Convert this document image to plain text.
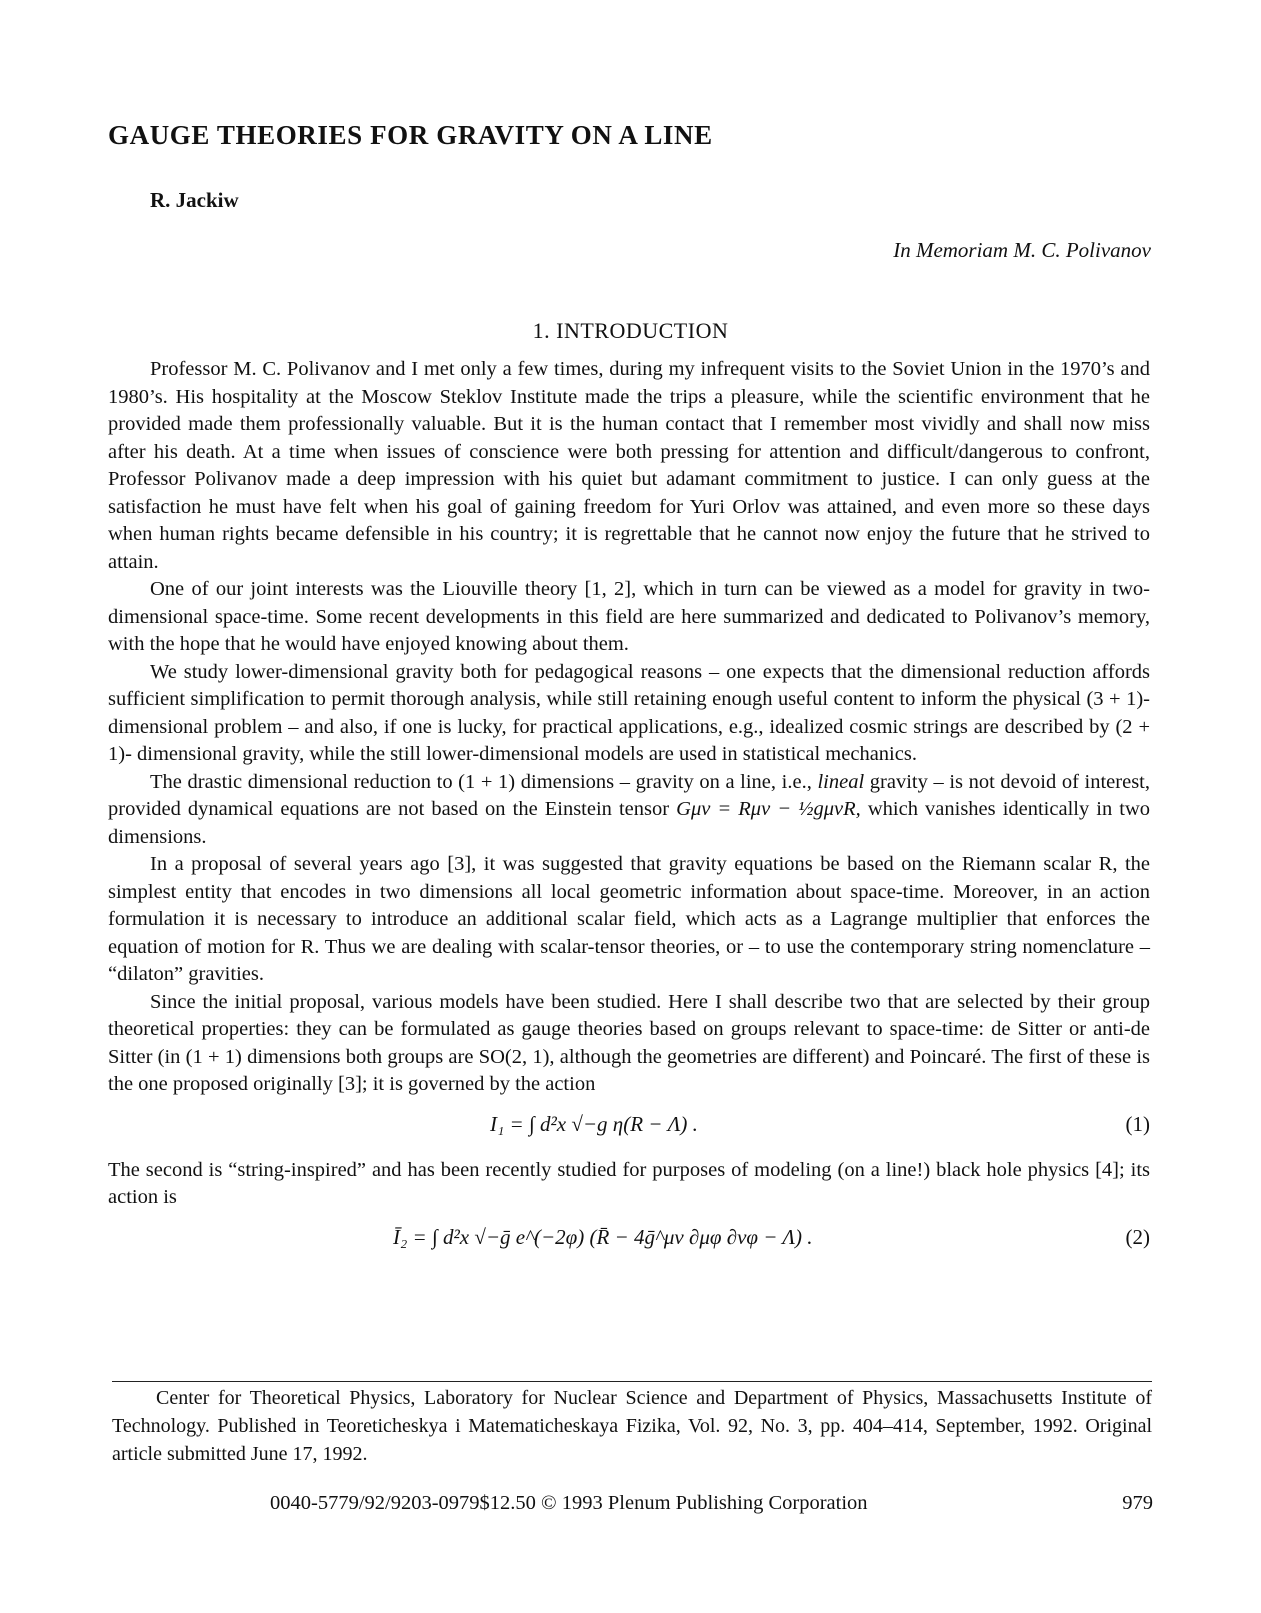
GAUGE THEORIES FOR GRAVITY ON A LINE
R. Jackiw
In Memoriam M. C. Polivanov
1. INTRODUCTION

Professor M. C. Polivanov and I met only a few times, during my infrequent visits to the Soviet Union in the 1970’s and 1980’s. His hospitality at the Moscow Steklov Institute made the trips a pleasure, while the scientific environment that he provided made them professionally valuable. But it is the human contact that I remember most vividly and shall now miss after his death. At a time when issues of conscience were both pressing for attention and difficult/dangerous to confront, Professor Polivanov made a deep impression with his quiet but adamant commitment to justice. I can only guess at the satisfaction he must have felt when his goal of gaining freedom for Yuri Orlov was attained, and even more so these days when human rights became defensible in his country; it is regrettable that he cannot now enjoy the future that he strived to attain.

One of our joint interests was the Liouville theory [1, 2], which in turn can be viewed as a model for gravity in two-dimensional space-time. Some recent developments in this field are here summarized and dedicated to Polivanov’s memory, with the hope that he would have enjoyed knowing about them.

We study lower-dimensional gravity both for pedagogical reasons – one expects that the dimensional reduction affords sufficient simplification to permit thorough analysis, while still retaining enough useful content to inform the physical (3 + 1)-dimensional problem – and also, if one is lucky, for practical applications, e.g., idealized cosmic strings are described by (2 + 1)- dimensional gravity, while the still lower-dimensional models are used in statistical mechanics.

The drastic dimensional reduction to (1 + 1) dimensions – gravity on a line, i.e., lineal gravity – is not devoid of interest, provided dynamical equations are not based on the Einstein tensor Gμν = Rμν − ½gμνR, which vanishes identically in two dimensions.

In a proposal of several years ago [3], it was suggested that gravity equations be based on the Riemann scalar R, the simplest entity that encodes in two dimensions all local geometric information about space-time. Moreover, in an action formulation it is necessary to introduce an additional scalar field, which acts as a Lagrange multiplier that enforces the equation of motion for R. Thus we are dealing with scalar-tensor theories, or – to use the contemporary string nomenclature – “dilaton” gravities.

Since the initial proposal, various models have been studied. Here I shall describe two that are selected by their group theoretical properties: they can be formulated as gauge theories based on groups relevant to space-time: de Sitter or anti-de Sitter (in (1 + 1) dimensions both groups are SO(2, 1), although the geometries are different) and Poincaré. The first of these is the one proposed originally [3]; it is governed by the action

I₁ = ∫ d²x √−g η(R − Λ) .	(1)

The second is “string-inspired” and has been recently studied for purposes of modeling (on a line!) black hole physics [4]; its action is

Ī₂ = ∫ d²x √−ḡ e^(−2φ) (R̄ − 4ḡ^μν ∂μφ ∂νφ − Λ) .	(2)
Center for Theoretical Physics, Laboratory for Nuclear Science and Department of Physics, Massachusetts Institute of Technology. Published in Teoreticheskya i Matematicheskaya Fizika, Vol. 92, No. 3, pp. 404–414, September, 1992. Original article submitted June 17, 1992.
0040-5779/92/9203-0979$12.50 © 1993 Plenum Publishing Corporation	979
